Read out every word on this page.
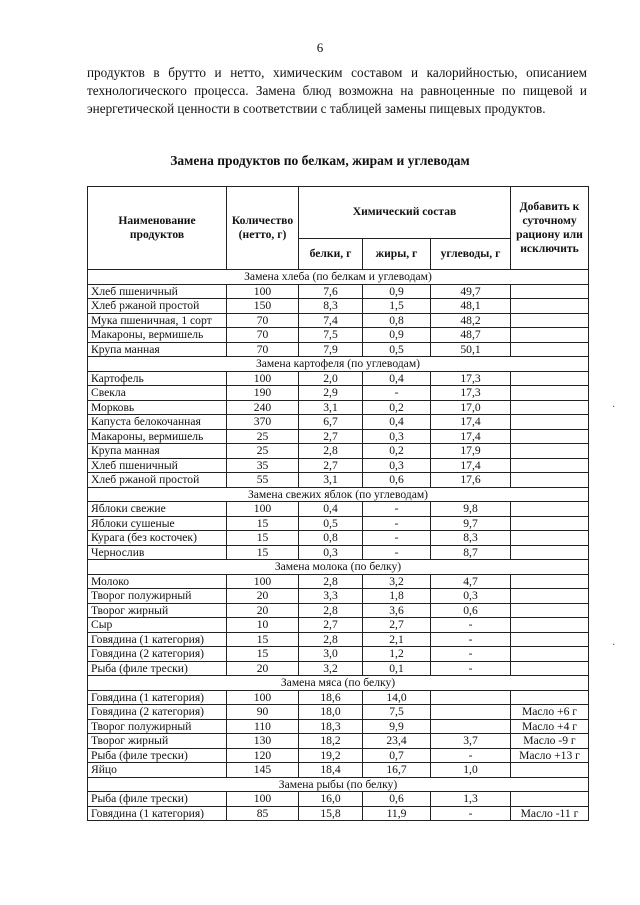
6
продуктов в брутто и нетто, химическим составом и калорийностью, описанием технологического процесса. Замена блюд возможна на равноценные по пищевой и энергетической ценности в соответствии с таблицей замены пищевых продуктов.
Замена продуктов по белкам, жирам и углеводам
Наименование продуктов	Количество (нетто, г)	Химический состав			Добавить к суточному рациону или исключить
		белки, г	жиры, г	углеводы, г	
Замена хлеба (по белкам и углеводам)					
Хлеб пшеничный	100	7,6	0,9	49,7	
Хлеб ржаной простой	150	8,3	1,5	48,1	
Мука пшеничная, 1 сорт	70	7,4	0,8	48,2	
Макароны, вермишель	70	7,5	0,9	48,7	
Крупа манная	70	7,9	0,5	50,1	
Замена картофеля (по углеводам)					
Картофель	100	2,0	0,4	17,3	
Свекла	190	2,9	-	17,3	
Морковь	240	3,1	0,2	17,0	
Капуста белокочанная	370	6,7	0,4	17,4	
Макароны, вермишель	25	2,7	0,3	17,4	
Крупа манная	25	2,8	0,2	17,9	
Хлеб пшеничный	35	2,7	0,3	17,4	
Хлеб ржаной простой	55	3,1	0,6	17,6	
Замена свежих яблок (по углеводам)					
Яблоки свежие	100	0,4	-	9,8	
Яблоки сушеные	15	0,5	-	9,7	
Курага (без косточек)	15	0,8	-	8,3	
Чернослив	15	0,3	-	8,7	
Замена молока (по белку)					
Молоко	100	2,8	3,2	4,7	
Творог полужирный	20	3,3	1,8	0,3	
Творог жирный	20	2,8	3,6	0,6	
Сыр	10	2,7	2,7	-	
Говядина (1 категория)	15	2,8	2,1	-	
Говядина (2 категория)	15	3,0	1,2	-	
Рыба (филе трески)	20	3,2	0,1	-	
Замена мяса (по белку)					
Говядина (1 категория)	100	18,6	14,0		
Говядина (2 категория)	90	18,0	7,5		Масло +6 г
Творог полужирный	110	18,3	9,9		Масло +4 г
Творог жирный	130	18,2	23,4	3,7	Масло -9 г
Рыба (филе трески)	120	19,2	0,7	-	Масло +13 г
Яйцо	145	18,4	16,7	1,0	
Замена рыбы (по белку)					
Рыба (филе трески)	100	16,0	0,6	1,3	
Говядина (1 категория)	85	15,8	11,9	-	Масло -11 г
·
·
